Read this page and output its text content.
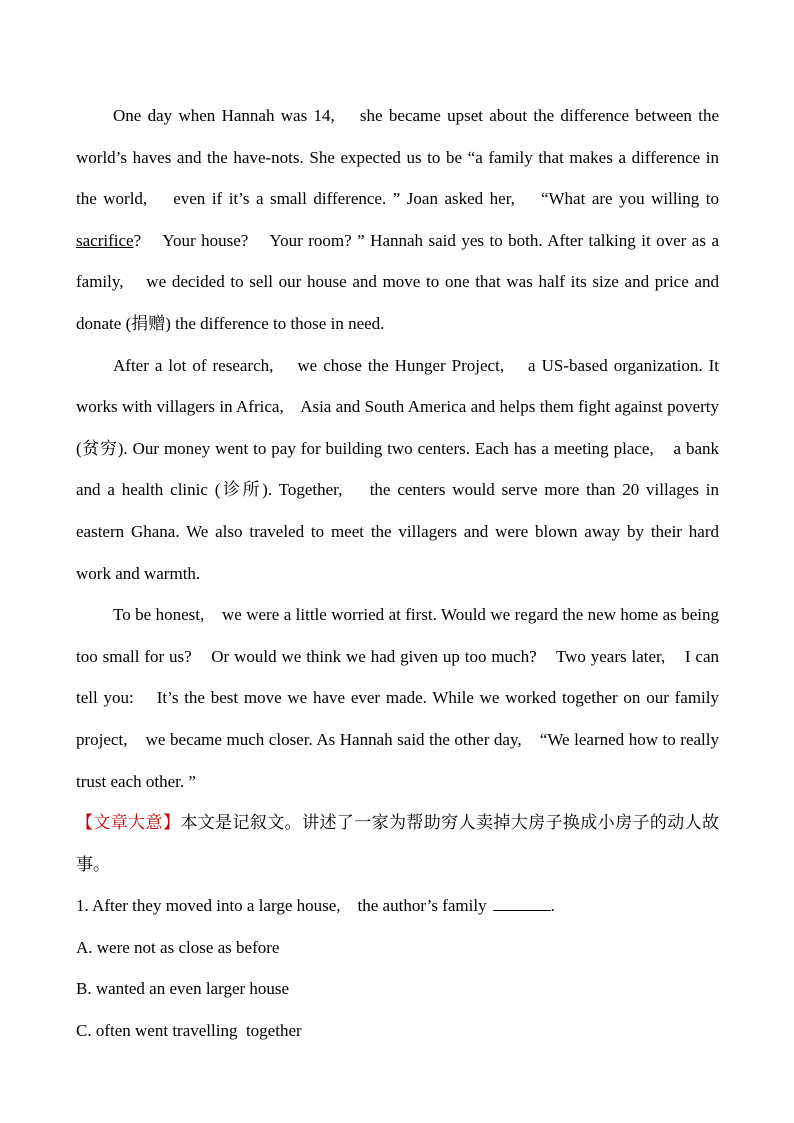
One day when Hannah was 14,    she became upset about the difference between the world’s haves and the have-nots. She expected us to be “a family that makes a difference in the world,    even if it’s a small difference. ” Joan asked her,    “What are you willing to sacrifice?    Your house?    Your room? ” Hannah said yes to both. After talking it over as a family,    we decided to sell our house and move to one that was half its size and price and donate (捐赠) the difference to those in need.

After a lot of research,    we chose the Hunger Project,    a US-based organization. It works with villagers in Africa,    Asia and South America and helps them fight against poverty (贫穷). Our money went to pay for building two centers. Each has a meeting place,    a bank and a health clinic (诊所). Together,    the centers would serve more than 20 villages in eastern Ghana. We also traveled to meet the villagers and were blown away by their hard work and warmth.

To be honest,    we were a little worried at first. Would we regard the new home as being too small for us?    Or would we think we had given up too much?    Two years later,    I can tell you:    It’s the best move we have ever made. While we worked together on our family project,    we became much closer. As Hannah said the other day,    “We learned how to really trust each other. ”

【文章大意】本文是记叙文。讲述了一家为帮助穷人卖掉大房子换成小房子的动人故事。

1. After they moved into a large house,    the author’s family	.

A. were not as close as before

B. wanted an even larger house

C. often went travelling  together
